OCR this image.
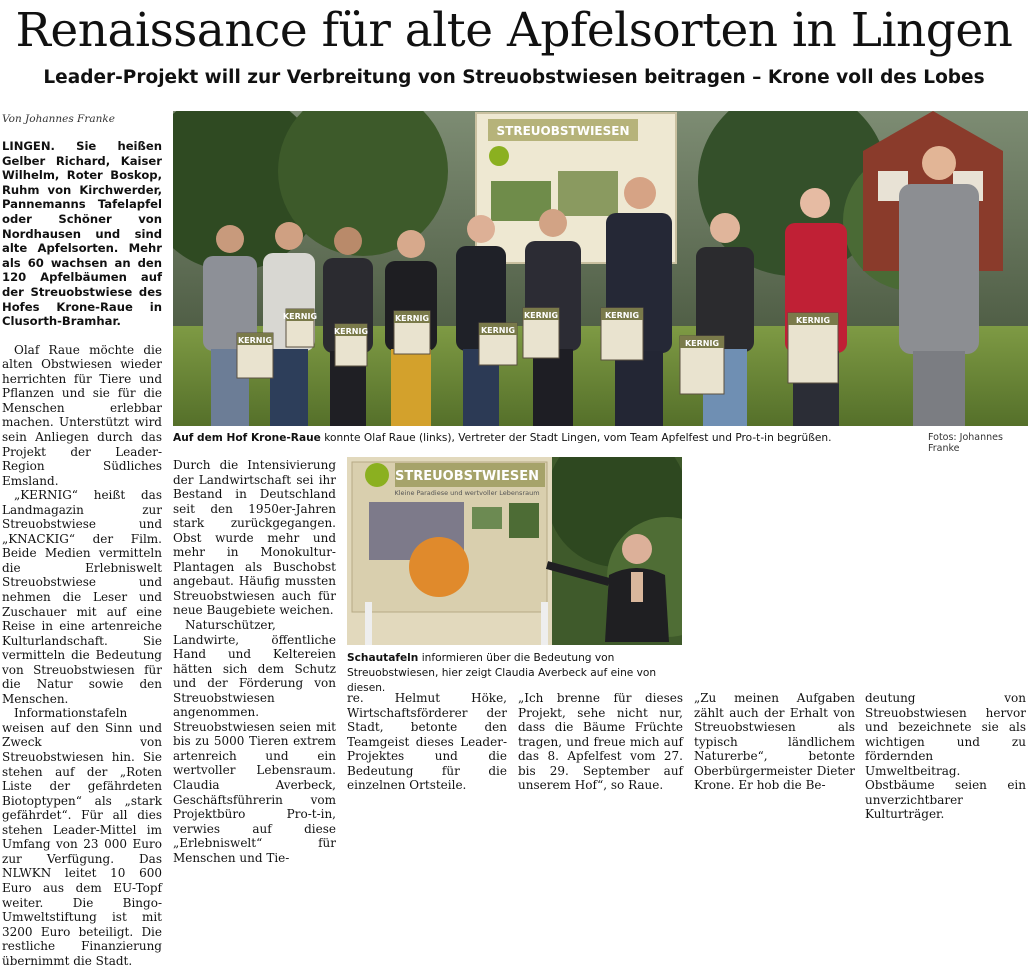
Renaissance für alte Apfelsorten in Lingen
Leader-Projekt will zur Verbreitung von Streuobstwiesen beitragen – Krone voll des Lobes
Von Johannes Franke

LINGEN. Sie heißen Gelber Richard, Kaiser Wilhelm, Roter Boskop, Ruhm von Kirchwerder, Pannemanns Tafelapfel oder Schöner von Nordhausen und sind alte Apfelsorten. Mehr als 60 wachsen an den 120 Apfelbäumen auf der Streuobstwiese des Hofes Krone-Raue in Clusorth-Bramhar.

Olaf Raue möchte die alten Obstwiesen wieder herrichten für Tiere und Pflanzen und sie für die Menschen erlebbar machen. Unterstützt wird sein Anliegen durch das Projekt der Leader-Region Südliches Emsland.

„KERNIG“ heißt das Landmagazin zur Streuobstwiese und „KNACKIG“ der Film. Beide Medien vermitteln die Erlebniswelt Streuobstwiese und nehmen die Leser und Zuschauer mit auf eine Reise in eine artenreiche Kulturlandschaft. Sie vermitteln die Bedeutung von Streuobstwiesen für die Natur sowie den Menschen.

Informationstafeln weisen auf den Sinn und Zweck von Streuobstwiesen hin. Sie stehen auf der „Roten Liste der gefährdeten Biotoptypen“ als „stark gefährdet“. Für all dies stehen Leader-Mittel im Umfang von 23 000 Euro zur Verfügung. Das NLWKN leitet 10 600 Euro aus dem EU-Topf weiter. Die Bingo-Umweltstiftung ist mit 3200 Euro beteiligt. Die restliche Finanzierung übernimmt die Stadt.

STREUOBSTWIESEN
KERNIG
KERNIG
KERNIG
KERNIG
KERNIG
KERNIG	KERNIG
KERNIG
KERNIG
Auf dem Hof Krone-Raue konnte Olaf Raue (links), Vertreter der Stadt Lingen, vom Team Apfelfest und Pro-t-in begrüßen.	Fotos: Johannes Franke

Durch die Intensivierung der Landwirtschaft sei ihr Bestand in Deutschland seit den 1950er-Jahren stark zurückgegangen. Obst wurde mehr und mehr in Monokultur-Plantagen als Buschobst angebaut. Häufig mussten Streuobstwiesen auch für neue Baugebiete weichen.

Naturschützer, Landwirte, öffentliche Hand und Keltereien hätten sich dem Schutz und der Förderung von Streuobstwiesen angenommen. Streuobstwiesen seien mit bis zu 5000 Tieren extrem artenreich und ein wertvoller Lebensraum. Claudia Averbeck, Geschäftsführerin vom Projektbüro Pro-t-in, verwies auf diese „Erlebniswelt“ für Menschen und Tie-

STREUOBSTWIESEN
Kleine Paradiese und wertvoller Lebensraum
Schautafeln informieren über die Bedeutung von Streuobstwiesen, hier zeigt Claudia Averbeck auf eine von diesen.
re. Helmut Höke, Wirtschaftsförderer der Stadt, betonte den Teamgeist dieses Leader-Projektes und die Bedeutung für die einzelnen Ortsteile.
„Ich brenne für dieses Projekt, sehe nicht nur, dass die Bäume Früchte tragen, und freue mich auf das 8. Apfelfest vom 27. bis 29. September auf unserem Hof“, so Raue.
„Zu meinen Aufgaben zählt auch der Erhalt von Streuobstwiesen als typisch ländlichem Naturerbe“, betonte Oberbürgermeister Dieter Krone. Er hob die Be-
deutung von Streuobstwiesen hervor und bezeichnete sie als wichtigen und zu fördernden Umweltbeitrag. Obstbäume seien ein unverzichtbarer Kulturträger.
